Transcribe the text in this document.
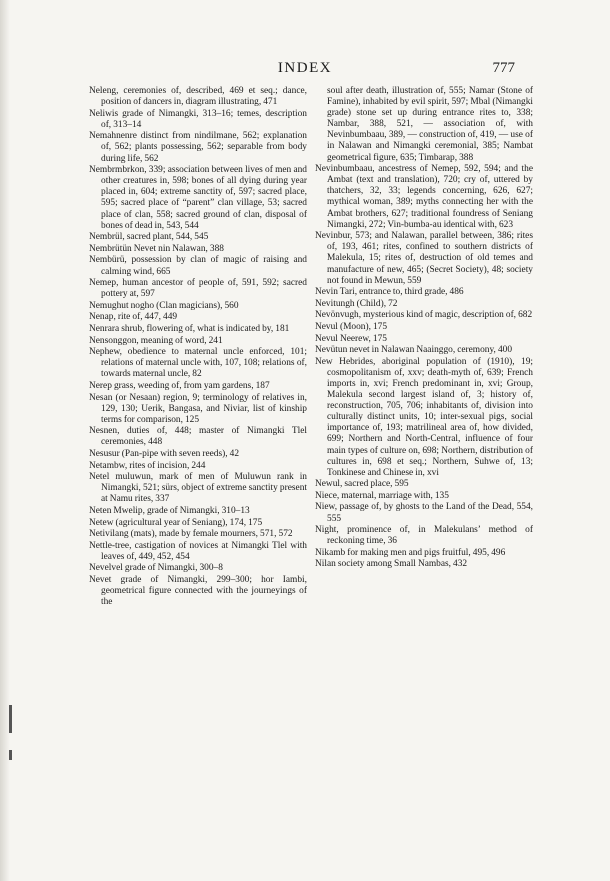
INDEX	777

Neleng, ceremonies of, described, 469 et seq.; dance, position of dancers in, diagram illustrating, 471

Neliwis grade of Nimangki, 313–16; temes, description of, 313–14

Nemahnenre distinct from nindilmane, 562; explanation of, 562; plants possessing, 562; separable from body during life, 562

Nembrmbrkon, 339; association between lives of men and other creatures in, 598; bones of all dying during year placed in, 604; extreme sanctity of, 597; sacred place, 595; sacred place of “parent” clan village, 53; sacred place of clan, 558; sacred ground of clan, disposal of bones of dead in, 543, 544

Nembrül, sacred plant, 544, 545

Nembrütün Nevet nin Nalawan, 388

Nembürü, possession by clan of magic of raising and calming wind, 665

Nemep, human ancestor of people of, 591, 592; sacred pottery at, 597

Nemughut nogho (Clan magicians), 560

Nenap, rite of, 447, 449

Nenrara shrub, flowering of, what is indicated by, 181

Nensonggon, meaning of word, 241

Nephew, obedience to maternal uncle enforced, 101; relations of maternal uncle with, 107, 108; relations of, towards maternal uncle, 82

Nerep grass, weeding of, from yam gardens, 187

Nesan (or Nesaan) region, 9; terminology of relatives in, 129, 130; Uerik, Bangasa, and Niviar, list of kinship terms for comparison, 125

Nesnen, duties of, 448; master of Nimangki Tlel ceremonies, 448

Nesusur (Pan-pipe with seven reeds), 42

Netambw, rites of incision, 244

Netel muluwun, mark of men of Muluwun rank in Nimangki, 521; sürs, object of extreme sanctity present at Namu rites, 337

Neten Mwelip, grade of Nimangki, 310–13

Netew (agricultural year of Seniang), 174, 175

Netivilang (mats), made by female mourners, 571, 572

Nettle-tree, castigation of novices at Nimangki Tlel with leaves of, 449, 452, 454

Nevelvel grade of Nimangki, 300–8

Nevet grade of Nimangki, 299–300; hor Iambi, geometrical figure connected with the journeyings of the

soul after death, illustration of, 555; Namar (Stone of Famine), inhabited by evil spirit, 597; Mbal (Nimangki grade) stone set up during entrance rites to, 338; Nambar, 388, 521, — association of, with Nevinbumbaau, 389, — construction of, 419, — use of in Nalawan and Nimangki ceremonial, 385; Nambat geometrical figure, 635; Timbarap, 388

Nevinbumbaau, ancestress of Nemep, 592, 594; and the Ambat (text and translation), 720; cry of, uttered by thatchers, 32, 33; legends concerning, 626, 627; mythical woman, 389; myths connecting her with the Ambat brothers, 627; traditional foundress of Seniang Nimangki, 272; Vin-bumba-au identical with, 623

Nevinbur, 573; and Nalawan, parallel between, 386; rites of, 193, 461; rites, confined to southern districts of Malekula, 15; rites of, destruction of old temes and manufacture of new, 465; (Secret Society), 48; society not found in Mewun, 559

Nevin Tari, entrance to, third grade, 486

Nevitungh (Child), 72

Nevönvugh, mysterious kind of magic, description of, 682

Nevul (Moon), 175

Nevul Neerew, 175

Nevütun nevet in Nalawan Naainggo, ceremony, 400

New Hebrides, aboriginal population of (1910), 19; cosmopolitanism of, xxv; death-myth of, 639; French imports in, xvi; French predominant in, xvi; Group, Malekula second largest island of, 3; history of, reconstruction, 705, 706; inhabitants of, division into culturally distinct units, 10; inter-sexual pigs, social importance of, 193; matrilineal area of, how divided, 699; Northern and North-Central, influence of four main types of culture on, 698; Northern, distribution of cultures in, 698 et seq.; Northern, Suhwe of, 13; Tonkinese and Chinese in, xvi

Newul, sacred place, 595

Niece, maternal, marriage with, 135

Niew, passage of, by ghosts to the Land of the Dead, 554, 555

Night, prominence of, in Malekulans’ method of reckoning time, 36

Nikamb for making men and pigs fruitful, 495, 496

Nilan society among Small Nambas, 432
